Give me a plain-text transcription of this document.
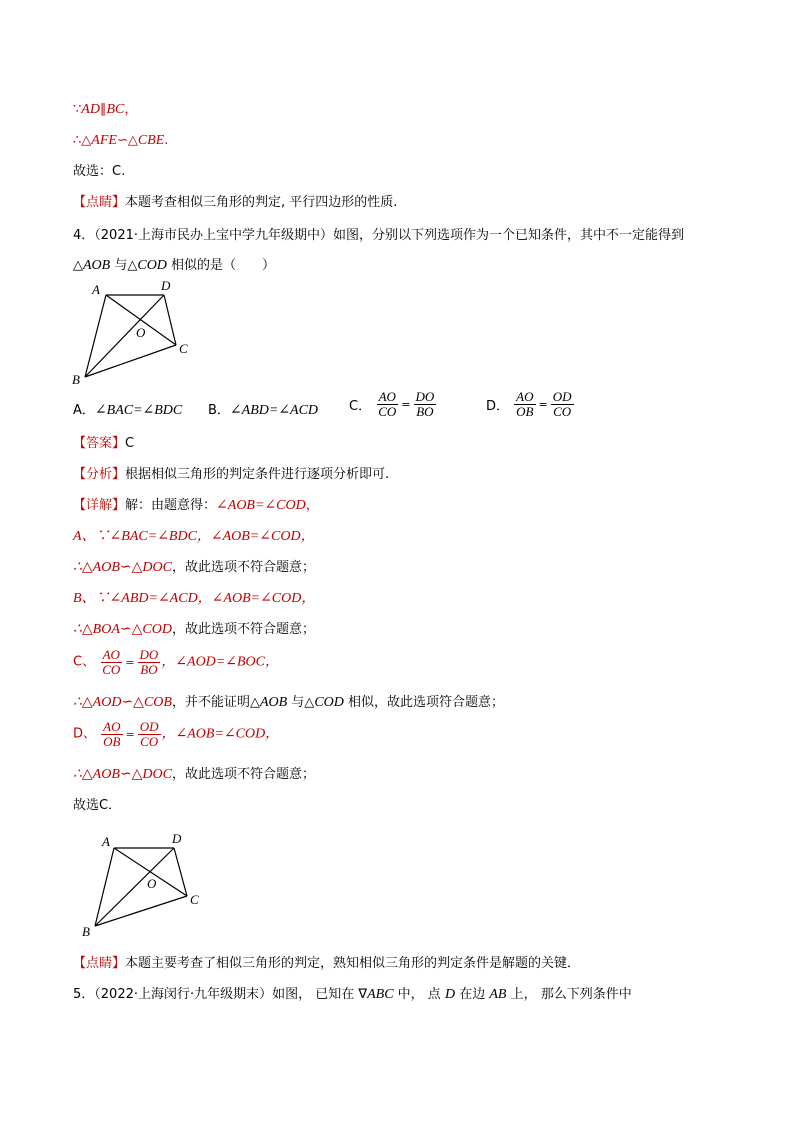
∵AD∥BC，
∴△AFE∽△CBE.
故选：C.
【点睛】本题考查相似三角形的判定, 平行四边形的性质.
4．（2021·上海市民办上宝中学九年级期中）如图，分别以下列选项作为一个已知条件，其中不一定能得到
△AOB 与△COD 相似的是（　　）
A	D
O
C
B
A．∠BAC=∠BDC B．∠ABD=∠ACD C． $\frac{AO}{CO} = \frac{DO}{BO}$	D． $\frac{AO}{OB} = \frac{OD}{CO}$
【答案】C
【分析】根据相似三角形的判定条件进行逐项分析即可.
【详解】解：由题意得：∠AOB=∠COD，
A、∵∠BAC=∠BDC，∠AOB=∠COD，
∴△AOB∽△DOC，故此选项不符合题意；
B、∵∠ABD=∠ACD，∠AOB=∠COD，
∴△BOA∽△COD，故此选项不符合题意；
C、 $\frac{AO}{CO} = \frac{DO}{BO}$ ，∠AOD=∠BOC，
∴△AOD∽△COB，并不能证明△AOB 与△COD 相似，故此选项符合题意；
D、 $\frac{AO}{OB} = \frac{OD}{CO}$ ，∠AOB=∠COD，
∴△AOB∽△DOC，故此选项不符合题意；
故选C．
A	D
O
C
B
【点睛】本题主要考查了相似三角形的判定，熟知相似三角形的判定条件是解题的关键．
5．（2022·上海闵行·九年级期末）如图， 已知在 ∇ABC 中， 点 D 在边 AB 上， 那么下列条件中
